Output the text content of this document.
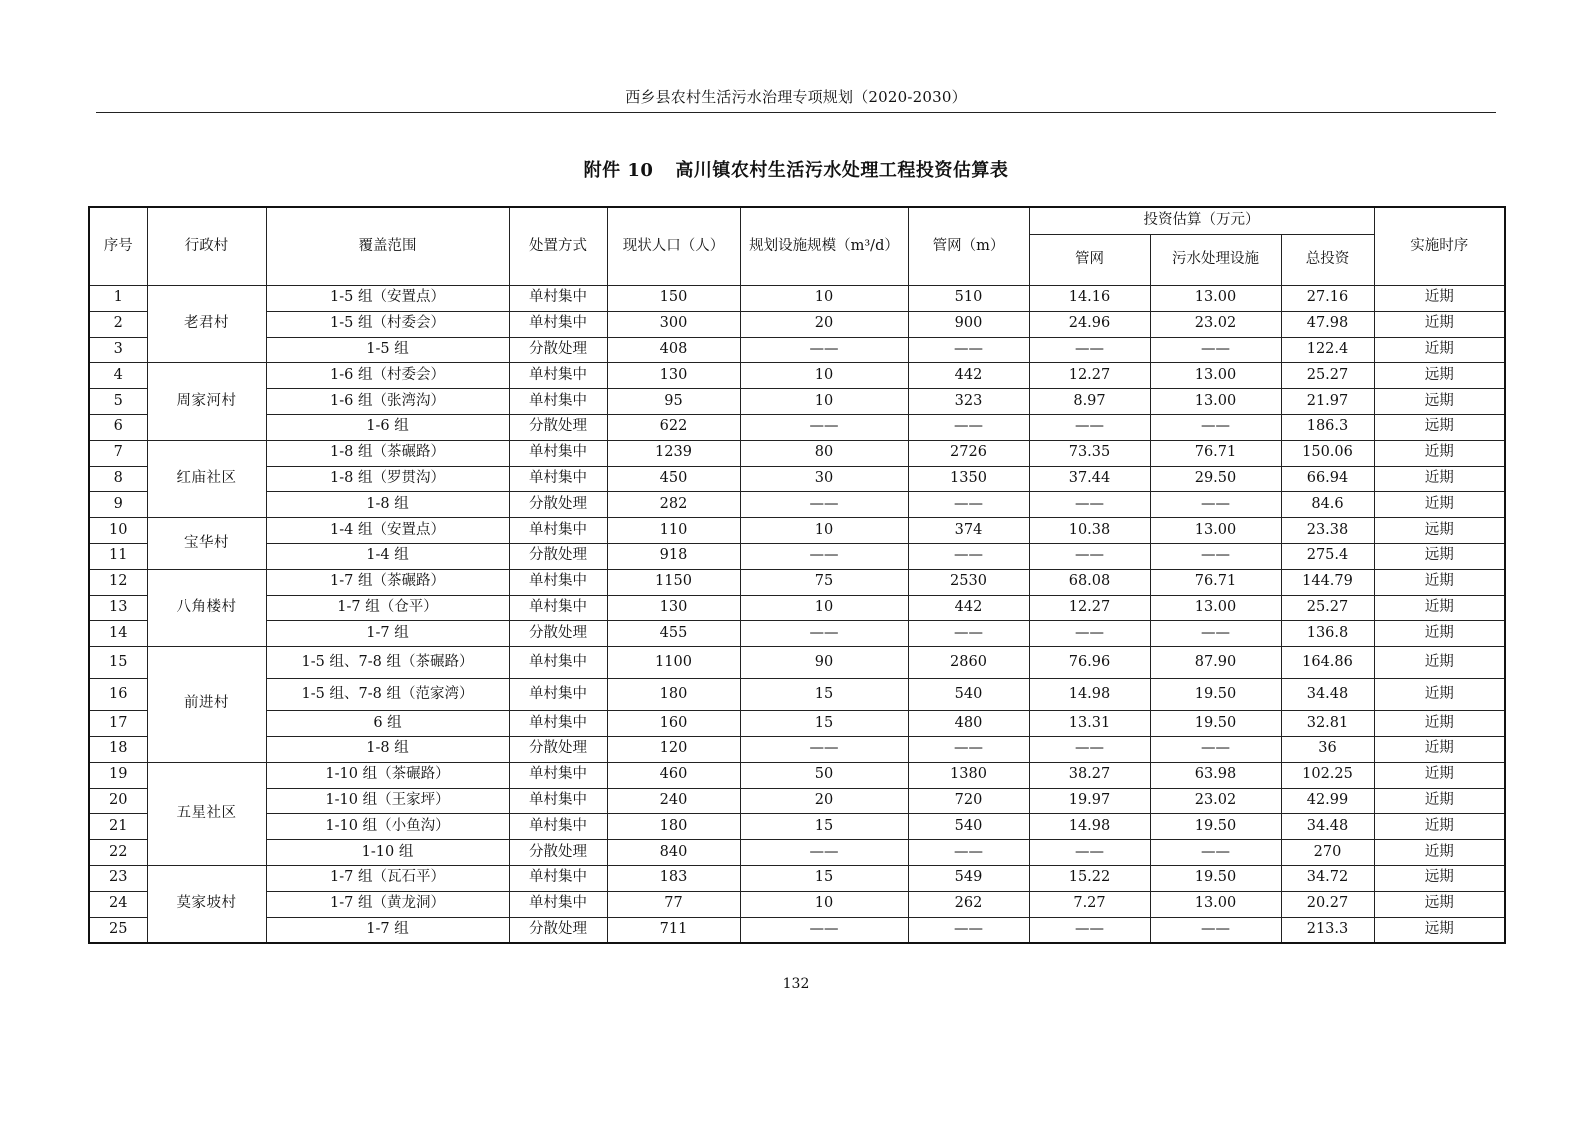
西乡县农村生活污水治理专项规划（2020-2030）
附件 10 高川镇农村生活污水处理工程投资估算表
序号	行政村	覆盖范围	处置方式	现状人口（人）	规划设施规模（m³/d）	管网（m）	投资估算（万元）			实施时序
							管网	污水处理设施	总投资	
1	老君村	1-5 组（安置点）	单村集中	150	10	510	14.16	13.00	27.16	近期
2		1-5 组（村委会）	单村集中	300	20	900	24.96	23.02	47.98	近期
3		1-5 组	分散处理	408	——	——	——	——	122.4	近期
4	周家河村	1-6 组（村委会）	单村集中	130	10	442	12.27	13.00	25.27	远期
5		1-6 组（张湾沟）	单村集中	95	10	323	8.97	13.00	21.97	远期
6		1-6 组	分散处理	622	——	——	——	——	186.3	远期
7	红庙社区	1-8 组（茶碾路）	单村集中	1239	80	2726	73.35	76.71	150.06	近期
8		1-8 组（罗贯沟）	单村集中	450	30	1350	37.44	29.50	66.94	近期
9		1-8 组	分散处理	282	——	——	——	——	84.6	近期
10	宝华村	1-4 组（安置点）	单村集中	110	10	374	10.38	13.00	23.38	远期
11		1-4 组	分散处理	918	——	——	——	——	275.4	远期
12	八角楼村	1-7 组（茶碾路）	单村集中	1150	75	2530	68.08	76.71	144.79	近期
13		1-7 组（仓平）	单村集中	130	10	442	12.27	13.00	25.27	近期
14		1-7 组	分散处理	455	——	——	——	——	136.8	近期
15	前进村	1-5 组、7-8 组（茶碾路）	单村集中	1100	90	2860	76.96	87.90	164.86	近期
16		1-5 组、7-8 组（范家湾）	单村集中	180	15	540	14.98	19.50	34.48	近期
17		6 组	单村集中	160	15	480	13.31	19.50	32.81	近期
18		1-8 组	分散处理	120	——	——	——	——	36	近期
19	五星社区	1-10 组（茶碾路）	单村集中	460	50	1380	38.27	63.98	102.25	近期
20		1-10 组（王家坪）	单村集中	240	20	720	19.97	23.02	42.99	近期
21		1-10 组（小鱼沟）	单村集中	180	15	540	14.98	19.50	34.48	近期
22		1-10 组	分散处理	840	——	——	——	——	270	近期
23	莫家坡村	1-7 组（瓦石平）	单村集中	183	15	549	15.22	19.50	34.72	远期
24		1-7 组（黄龙洞）	单村集中	77	10	262	7.27	13.00	20.27	远期
25		1-7 组	分散处理	711	——	——	——	——	213.3	远期
132
